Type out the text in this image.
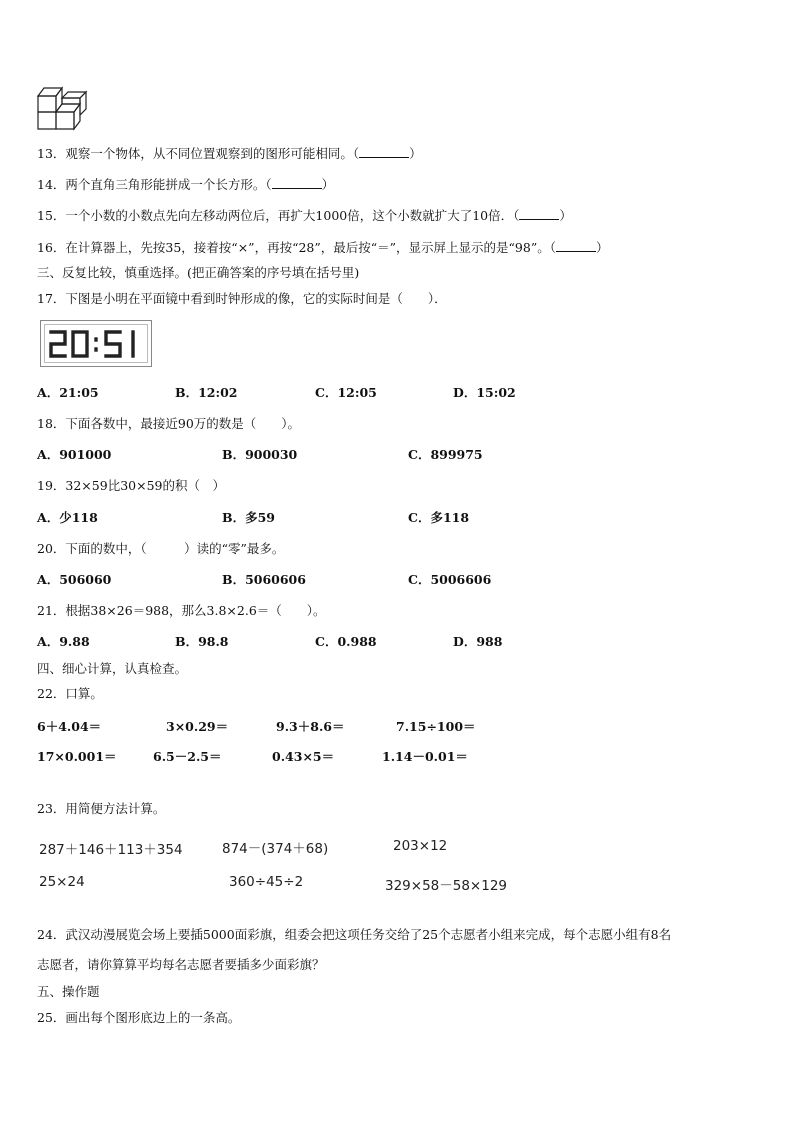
13．观察一个物体，从不同位置观察到的图形可能相同。（	）
14．两个直角三角形能拼成一个长方形。（	）
15．一个小数的小数点先向左移动两位后，再扩大1000倍，这个小数就扩大了10倍．（	）
16．在计算器上，先按35，接着按“×”，再按“28”，最后按“＝”，显示屏上显示的是“98”。（	）
三、反复比较，慎重选择。(把正确答案的序号填在括号里)
17．下图是小明在平面镜中看到时钟形成的像，它的实际时间是（　　）．
A．21:05	B．12:02	C．12:05	D．15:02
18．下面各数中，最接近90万的数是（　　）。
A．901000	B．900030	C．899975
19．32×59比30×59的积（　）
A．少118	B．多59	C．多118
20．下面的数中，（　　　）读的“零”最多。
A．506060	B．5060606	C．5006606
21．根据38×26＝988，那么3.8×2.6＝（　　）。
A．9.88	B．98.8	C．0.988	D．988
四、细心计算，认真检查。
22．口算。
6＋4.04＝	3×0.29＝	9.3＋8.6＝	7.15÷100＝
17×0.001＝	6.5－2.5＝	0.43×5＝	1.14－0.01＝
23．用简便方法计算。
287＋146＋113＋354	874－(374＋68)	203×12
25×24	360÷45÷2	329×58－58×129
24．武汉动漫展览会场上要插5000面彩旗，组委会把这项任务交给了25个志愿者小组来完成，每个志愿小组有8名
志愿者，请你算算平均每名志愿者要插多少面彩旗？
五、操作题
25．画出每个图形底边上的一条高。
